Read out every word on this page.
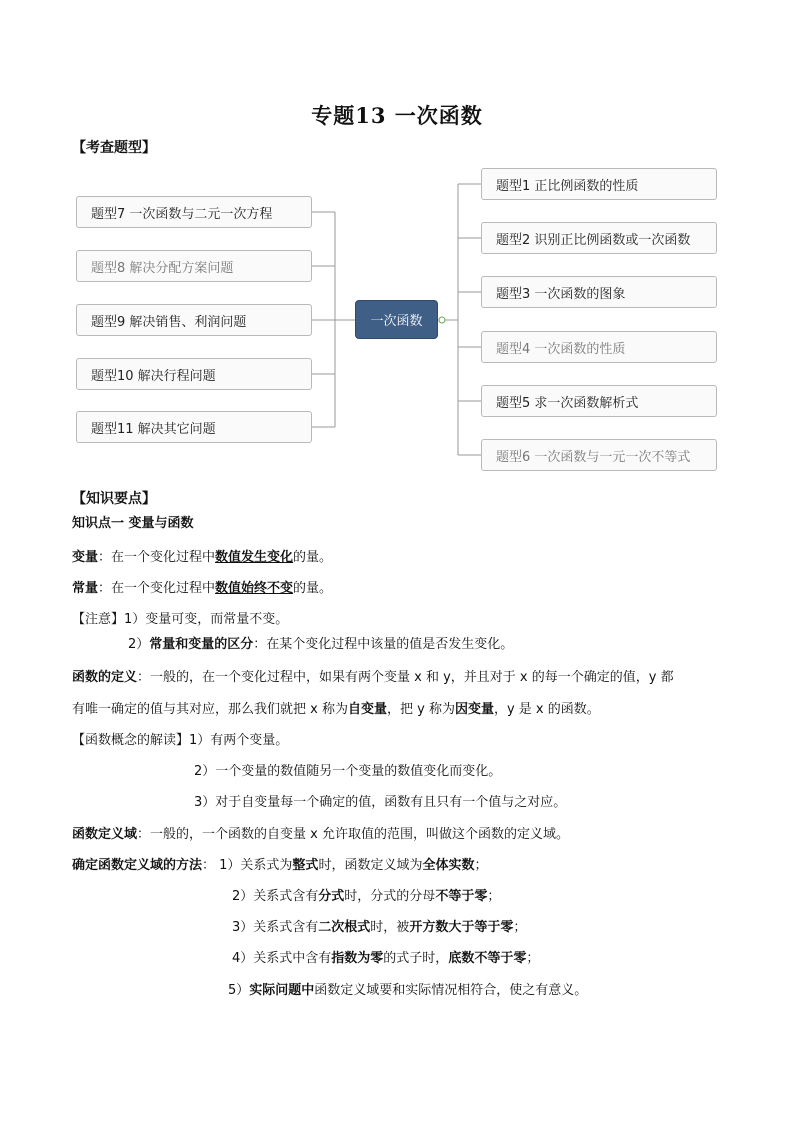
专题13 一次函数
【考查题型】
一次函数
题型7 一次函数与二元一次方程
题型8 解决分配方案问题
题型9 解决销售、利润问题
题型10 解决行程问题
题型11 解决其它问题
题型1 正比例函数的性质
题型2 识别正比例函数或一次函数
题型3 一次函数的图象
题型4 一次函数的性质
题型5 求一次函数解析式
题型6 一次函数与一元一次不等式
【知识要点】
知识点一 变量与函数
变量：在一个变化过程中数值发生变化的量。
常量：在一个变化过程中数值始终不变的量。
【注意】1）变量可变，而常量不变。
2）常量和变量的区分：在某个变化过程中该量的值是否发生变化。
函数的定义：一般的，在一个变化过程中，如果有两个变量 x 和 y，并且对于 x 的每一个确定的值，y 都
有唯一确定的值与其对应，那么我们就把 x 称为自变量，把 y 称为因变量，y 是 x 的函数。
【函数概念的解读】1）有两个变量。
2）一个变量的数值随另一个变量的数值变化而变化。
3）对于自变量每一个确定的值，函数有且只有一个值与之对应。
函数定义域：一般的，一个函数的自变量 x 允许取值的范围，叫做这个函数的定义域。
确定函数定义域的方法： 1）关系式为整式时，函数定义域为全体实数；
2）关系式含有分式时，分式的分母不等于零；
3）关系式含有二次根式时，被开方数大于等于零；
4）关系式中含有指数为零的式子时，底数不等于零；
5）实际问题中函数定义域要和实际情况相符合，使之有意义。
